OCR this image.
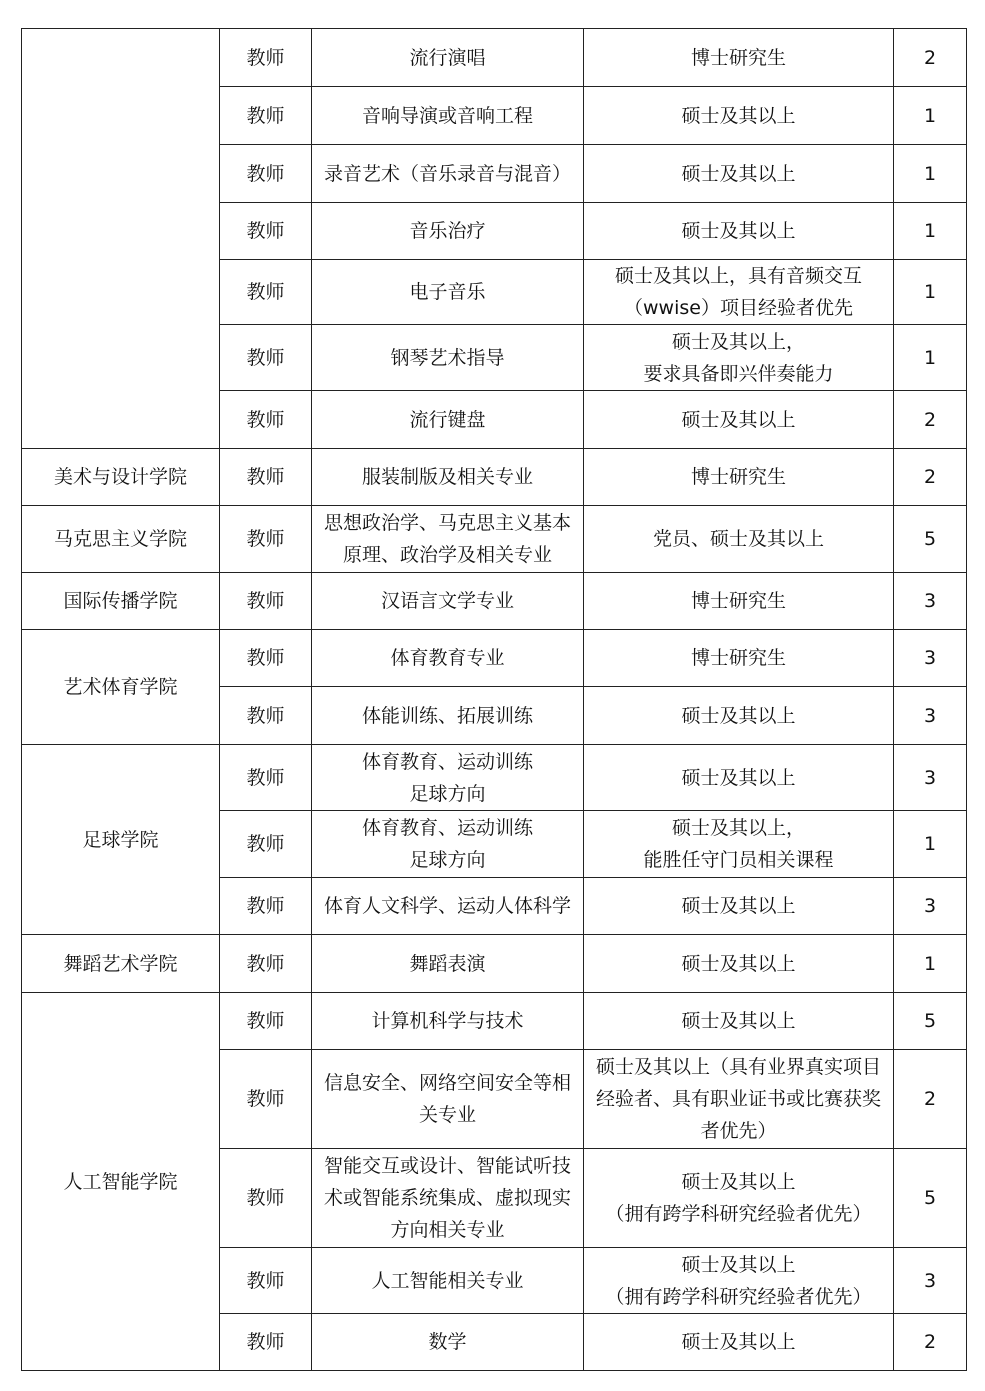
	教师	流行演唱	博士研究生	2
	教师	音响导演或音响工程	硕士及其以上	1
	教师	录音艺术（音乐录音与混音）	硕士及其以上	1
	教师	音乐治疗	硕士及其以上	1
	教师	电子音乐	硕士及其以上，具有音频交互
（wwise）项目经验者优先	1
	教师	钢琴艺术指导	硕士及其以上，
要求具备即兴伴奏能力	1
	教师	流行键盘	硕士及其以上	2
美术与设计学院	教师	服装制版及相关专业	博士研究生	2
马克思主义学院	教师	思想政治学、马克思主义基本
原理、政治学及相关专业	党员、硕士及其以上	5
国际传播学院	教师	汉语言文学专业	博士研究生	3
艺术体育学院	教师	体育教育专业	博士研究生	3
	教师	体能训练、拓展训练	硕士及其以上	3
足球学院	教师	体育教育、运动训练
足球方向	硕士及其以上	3
	教师	体育教育、运动训练
足球方向	硕士及其以上，
能胜任守门员相关课程	1
	教师	体育人文科学、运动人体科学	硕士及其以上	3
舞蹈艺术学院	教师	舞蹈表演	硕士及其以上	1
人工智能学院	教师	计算机科学与技术	硕士及其以上	5
	教师	信息安全、网络空间安全等相
关专业	硕士及其以上（具有业界真实项目
经验者、具有职业证书或比赛获奖
者优先）	2
	教师	智能交互或设计、智能试听技
术或智能系统集成、虚拟现实
方向相关专业	硕士及其以上
（拥有跨学科研究经验者优先）	5
	教师	人工智能相关专业	硕士及其以上
（拥有跨学科研究经验者优先）	3
	教师	数学	硕士及其以上	2
